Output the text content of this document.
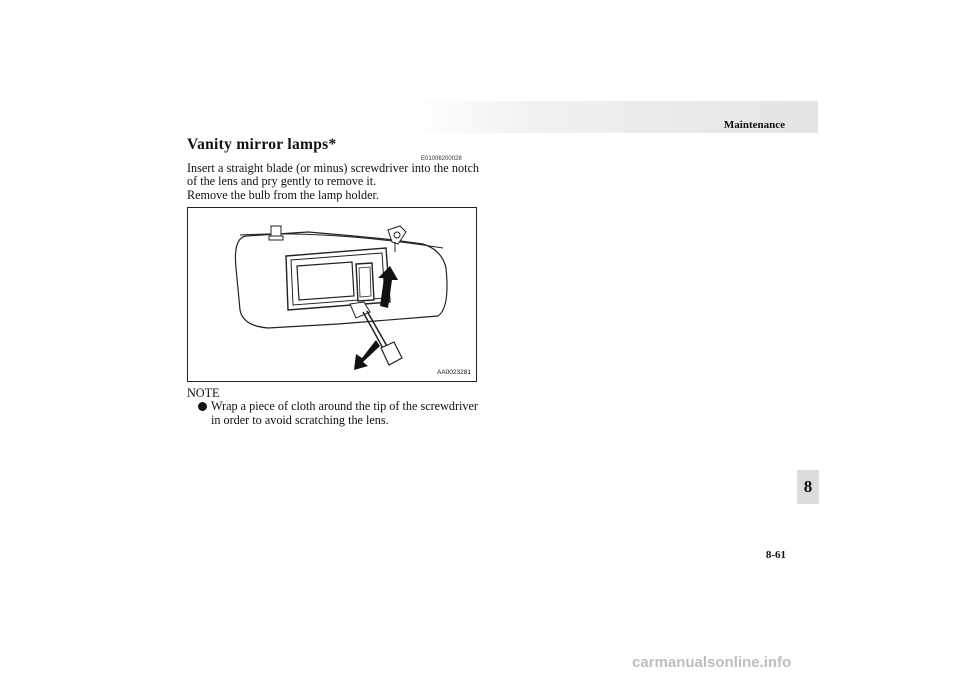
Maintenance
8
8-61
Vanity mirror lamps*
E01006200028

Insert a straight blade (or minus) screwdriver into the notch of the lens and pry gently to remove it.

Remove the bulb from the lamp holder.

AA0023281
NOTE
Wrap a piece of cloth around the tip of the screwdriver in order to avoid scratching the lens.
carmanualsonline.info
